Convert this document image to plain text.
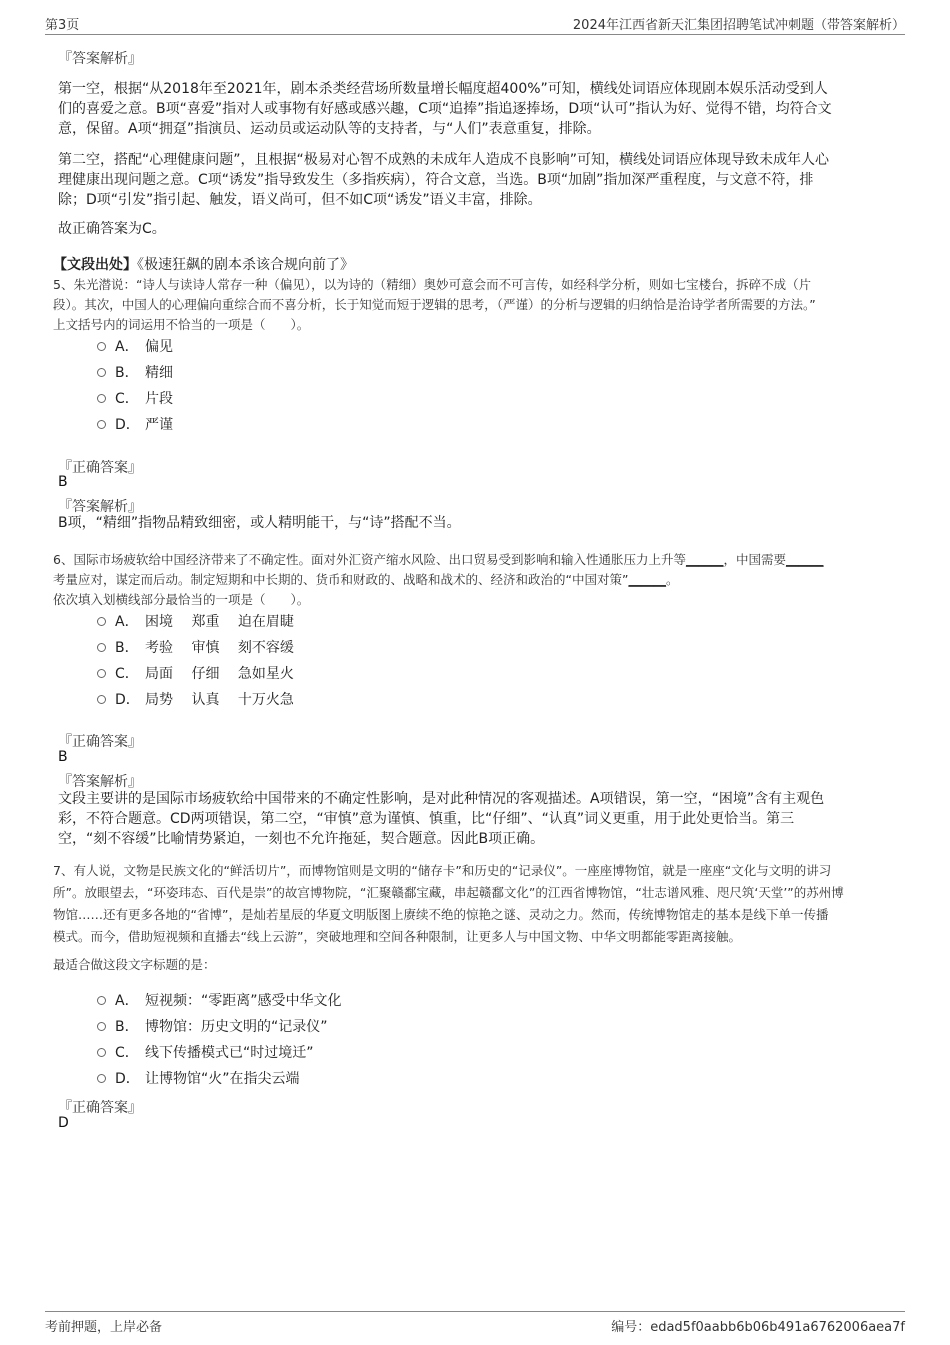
第3页	2024年江西省新天汇集团招聘笔试冲刺题（带答案解析）
『答案解析』
第一空，根据“从2018年至2021年，剧本杀类经营场所数量增长幅度超400%”可知，横线处词语应体现剧本娱乐活动受到人
们的喜爱之意。B项“喜爱”指对人或事物有好感或感兴趣，C项“追捧”指追逐捧场，D项“认可”指认为好、觉得不错，均符合文
意，保留。A项“拥趸”指演员、运动员或运动队等的支持者，与“人们”表意重复，排除。
第二空，搭配“心理健康问题”，且根据“极易对心智不成熟的未成年人造成不良影响”可知，横线处词语应体现导致未成年人心
理健康出现问题之意。C项“诱发”指导致发生（多指疾病），符合文意，当选。B项“加剧”指加深严重程度，与文意不符，排
除；D项“引发”指引起、触发，语义尚可，但不如C项“诱发”语义丰富，排除。
故正确答案为C。
【文段出处】《极速狂飙的剧本杀该合规向前了》
5、朱光潜说：“诗人与读诗人常存一种（偏见），以为诗的（精细）奥妙可意会而不可言传，如经科学分析，则如七宝楼台，拆碎不成（片
段）。其次，中国人的心理偏向重综合而不喜分析，长于知觉而短于逻辑的思考，（严谨）的分析与逻辑的归纳恰是治诗学者所需要的方法。”
上文括号内的词运用不恰当的一项是（　　）。
A． 偏见
B． 精细
C． 片段
D． 严谨
『正确答案』
B
『答案解析』
B项，“精细”指物品精致细密，或人精明能干，与“诗”搭配不当。
6、国际市场疲软给中国经济带来了不确定性。面对外汇资产缩水风险、出口贸易受到影响和输入性通胀压力上升等______，中国需要______
考量应对，谋定而后动。制定短期和中长期的、货币和财政的、战略和战术的、经济和政治的“中国对策”______。
依次填入划横线部分最恰当的一项是（　　）。
A． 困境　 郑重　 迫在眉睫
B． 考验　 审慎　 刻不容缓
C． 局面　 仔细　 急如星火
D． 局势　 认真　 十万火急
『正确答案』
B
『答案解析』
文段主要讲的是国际市场疲软给中国带来的不确定性影响，是对此种情况的客观描述。A项错误，第一空，“困境”含有主观色
彩，不符合题意。CD两项错误，第二空，“审慎”意为谨慎、慎重，比“仔细”、“认真”词义更重，用于此处更恰当。第三
空，“刻不容缓”比喻情势紧迫，一刻也不允许拖延，契合题意。因此B项正确。
7、有人说，文物是民族文化的“鲜活切片”，而博物馆则是文明的“储存卡”和历史的“记录仪”。一座座博物馆，就是一座座“文化与文明的讲习
所”。放眼望去，“环姿玮态、百代是崇”的故宫博物院，“汇聚赣鄱宝藏，串起赣鄱文化”的江西省博物馆，“壮志谱风雅、咫尺筑‘天堂’”的苏州博
物馆……还有更多各地的“省博”，是灿若星辰的华夏文明版图上赓续不绝的惊艳之谜、灵动之力。然而，传统博物馆走的基本是线下单一传播
模式。而今，借助短视频和直播去“线上云游”，突破地理和空间各种限制，让更多人与中国文物、中华文明都能零距离接触。
最适合做这段文字标题的是：
A． 短视频：“零距离”感受中华文化
B． 博物馆：历史文明的“记录仪”
C． 线下传播模式已“时过境迁”
D． 让博物馆“火”在指尖云端
『正确答案』
D
考前押题，上岸必备	编号：edad5f0aabb6b06b491a6762006aea7f
